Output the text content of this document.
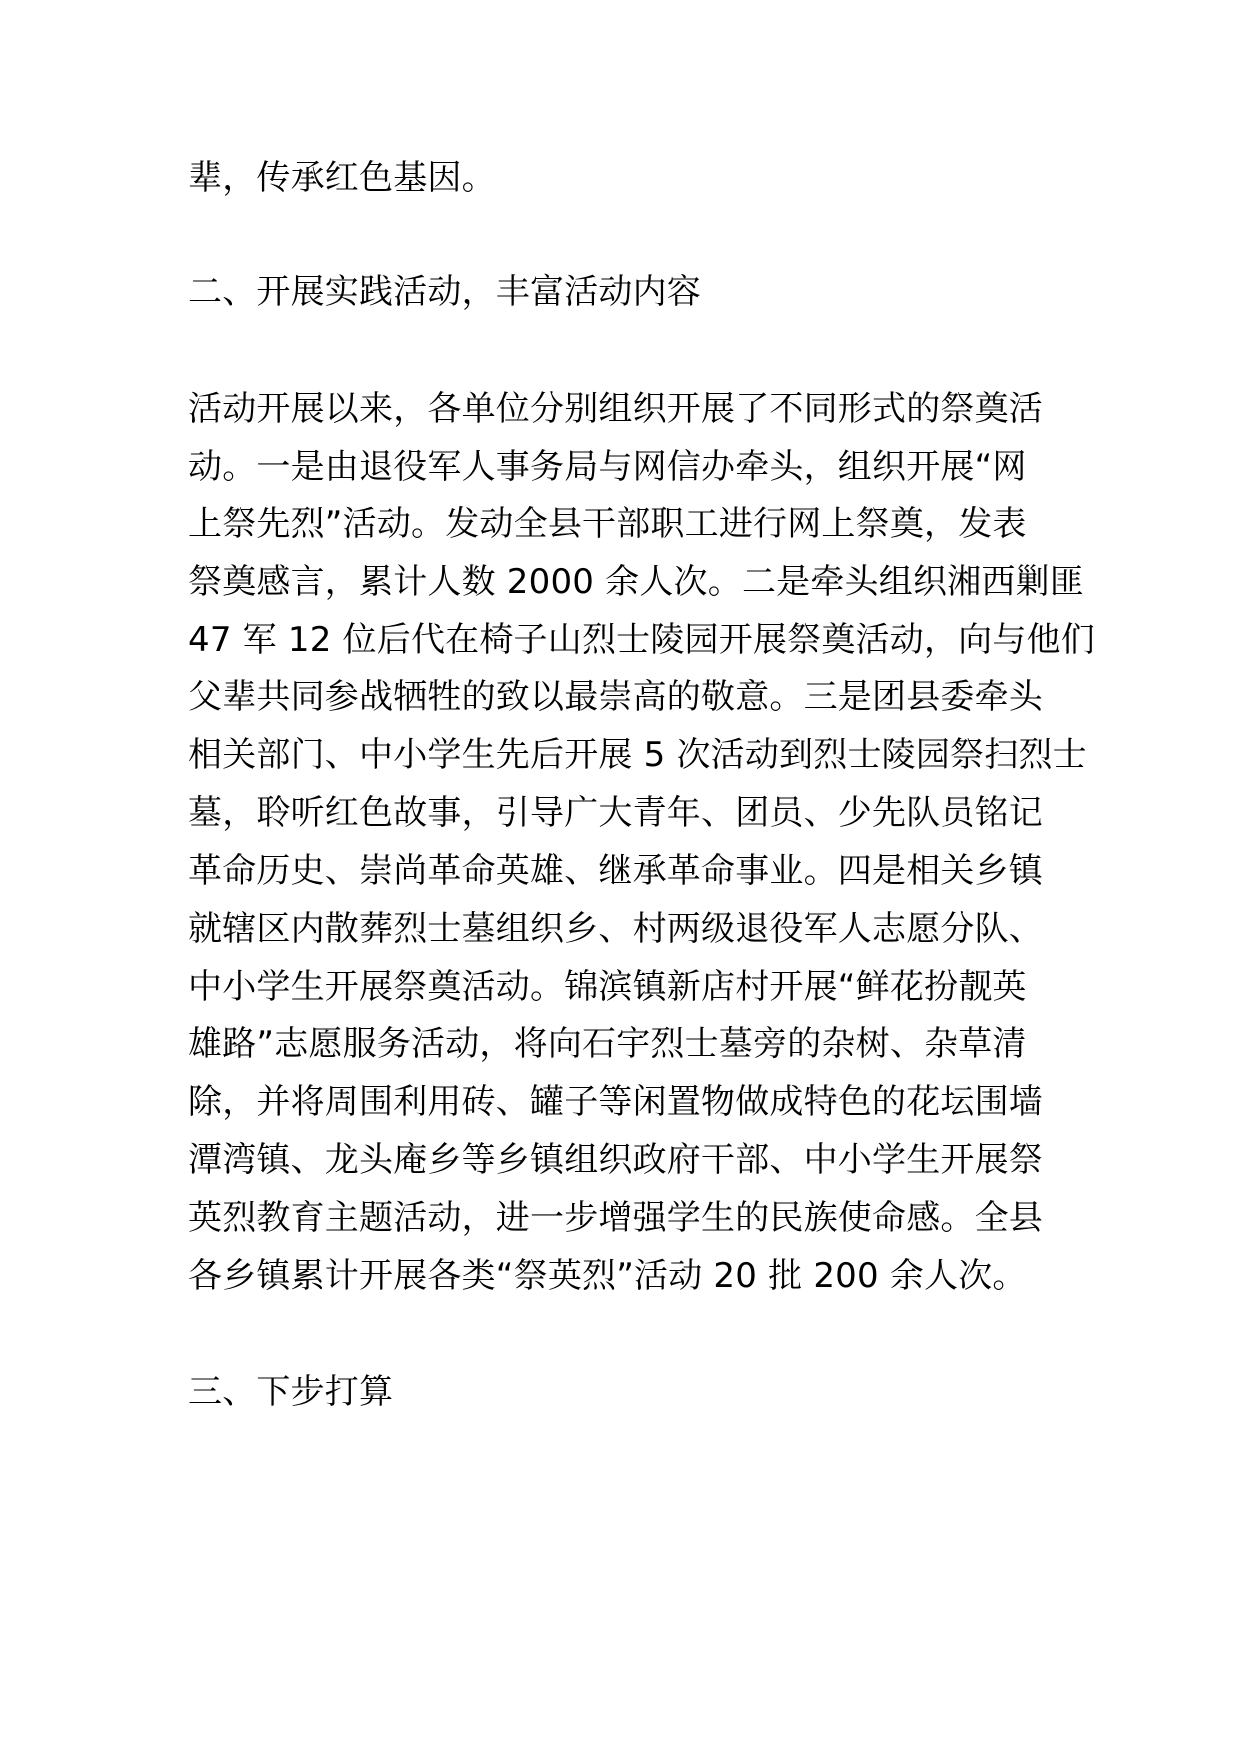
辈，传承红色基因。

二、开展实践活动，丰富活动内容

活动开展以来，各单位分别组织开展了不同形式的祭奠活

动。一是由退役军人事务局与网信办牵头，组织开展“网

上祭先烈”活动。发动全县干部职工进行网上祭奠，发表

祭奠感言，累计人数 2000 余人次。二是牵头组织湘西剿匪

47 军 12 位后代在椅子山烈士陵园开展祭奠活动，向与他们

父辈共同参战牺牲的致以最崇高的敬意。三是团县委牵头

相关部门、中小学生先后开展 5 次活动到烈士陵园祭扫烈士

墓，聆听红色故事，引导广大青年、团员、少先队员铭记

革命历史、崇尚革命英雄、继承革命事业。四是相关乡镇

就辖区内散葬烈士墓组织乡、村两级退役军人志愿分队、

中小学生开展祭奠活动。锦滨镇新店村开展“鲜花扮靓英

雄路”志愿服务活动，将向石宇烈士墓旁的杂树、杂草清

除，并将周围利用砖、罐子等闲置物做成特色的花坛围墙

潭湾镇、龙头庵乡等乡镇组织政府干部、中小学生开展祭

英烈教育主题活动，进一步增强学生的民族使命感。全县

各乡镇累计开展各类“祭英烈”活动 20 批 200 余人次。

三、下步打算
